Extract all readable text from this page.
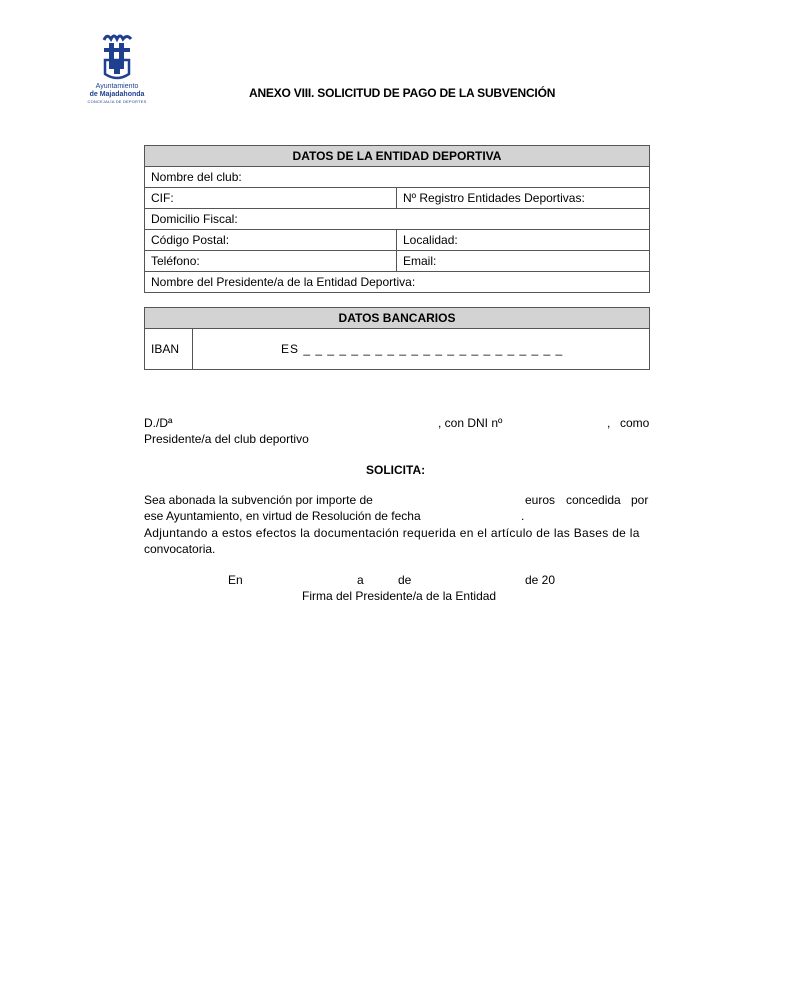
Ayuntamiento
de Majadahonda
CONCEJALÍA DE DEPORTES
ANEXO VIII. SOLICITUD DE PAGO DE LA SUBVENCIÓN
DATOS DE LA ENTIDAD DEPORTIVA	
Nombre del club:	
CIF:	Nº Registro Entidades Deportivas:
Domicilio Fiscal:	
Código Postal:	Localidad:
Teléfono:	Email:
Nombre del Presidente/a de la Entidad Deportiva:	
DATOS BANCARIOS
IBAN	ES _ _ _ _ _ _ _ _ _ _ _ _ _ _ _ _ _ _ _ _ _ _
D./Dª	, con DNI nº	, como
Presidente/a del club deportivo
SOLICITA:
Sea abonada la subvención por importe de	euros concedida por
ese Ayuntamiento, en virtud de Resolución de fecha	.
Adjuntando a estos efectos la documentación requerida en el artículo de las Bases de la
convocatoria.
En	a	de	de 20
Firma del Presidente/a de la Entidad
